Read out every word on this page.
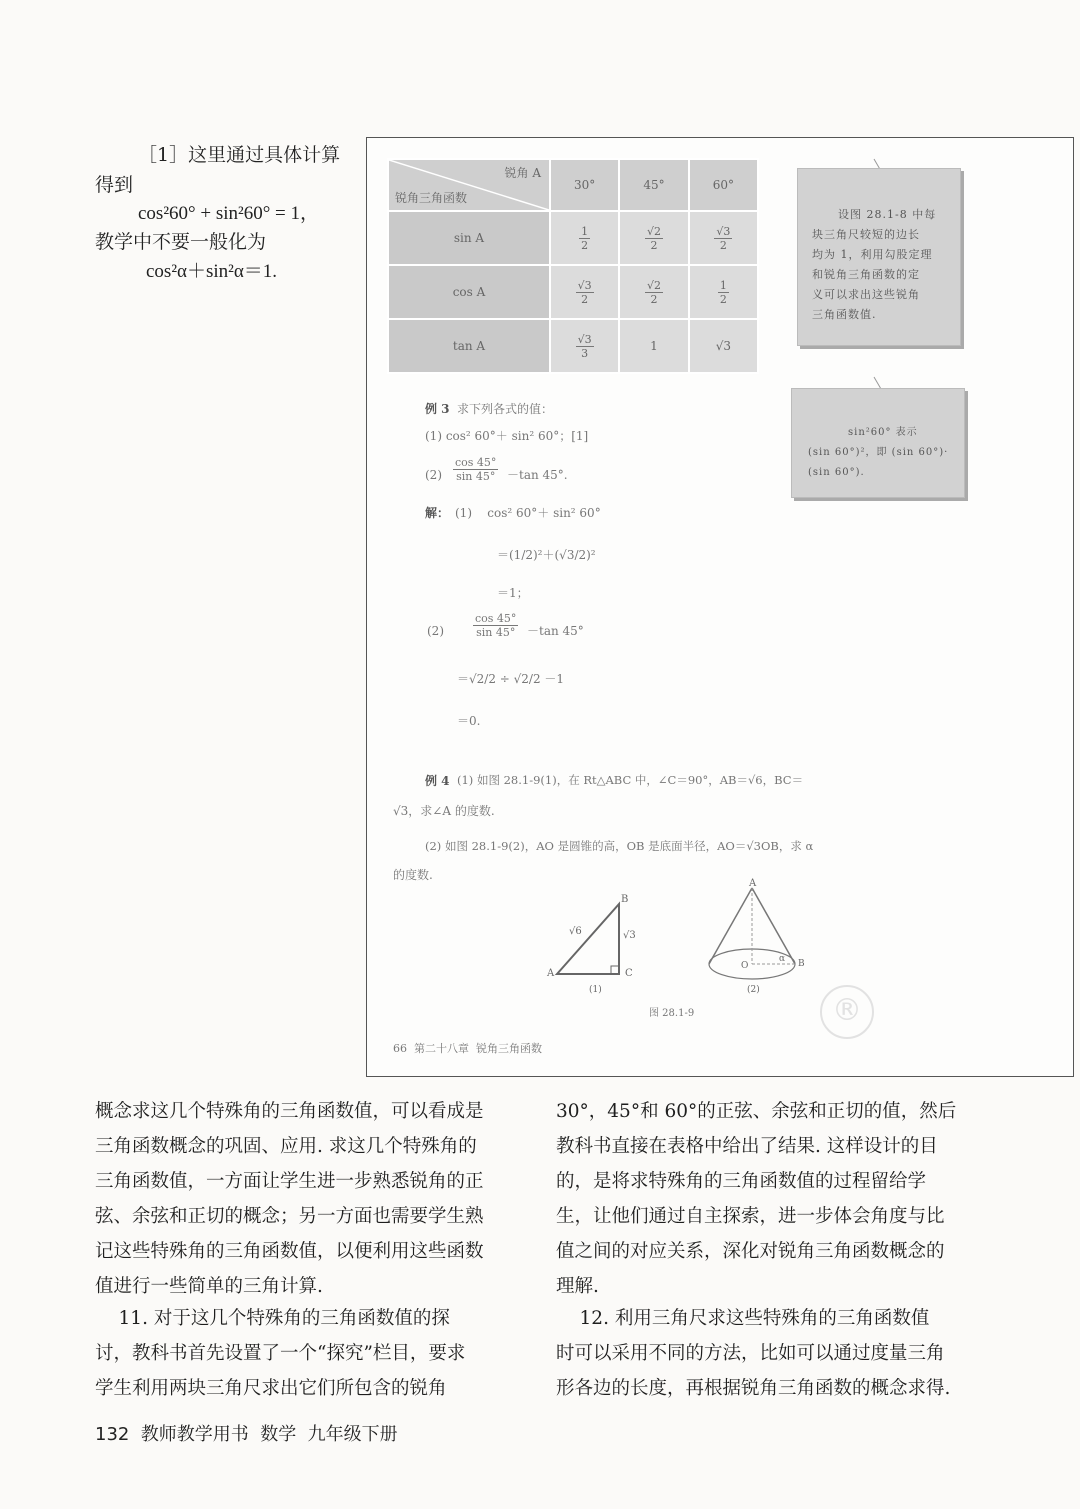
［1］这里通过具体计算
得到
cos²60° + sin²60° = 1，
教学中不要一般化为
cos²α＋sin²α＝1.
锐角 A
锐角三角函数	30°	45°	60°
sin A	$\frac{1}{2}$	$\frac{√2}{2}$	$\frac{√3}{2}$

cos A	$\frac{√3}{2}$	$\frac{√2}{2}$	$\frac{1}{2}$

tan A	$\frac{√3}{3}$	1	√3
设图 28.1-8 中每
块三角尺较短的边长
均为 1，利用勾股定理
和锐角三角函数的定
义可以求出这些锐角
三角函数值.
sin²60° 表示
(sin 60°)²，即 (sin 60°)·
(sin 60°).
例 3 求下列各式的值：
(1) cos² 60°＋ sin² 60°；[1]
$(2) \frac{\cos 45^\circ}{\sin 45^\circ} -\tan$ 45°.
解： (1)    cos² 60°＋ sin² 60°
＝(1/2)²＋(√3/2)²
＝1；
(2)	$\frac{\cos 45^\circ}{\sin 45^\circ} -\tan$ 45°
＝√2/2 ÷ √2/2 －1
＝0.
例 4 (1) 如图 28.1-9(1)，在 Rt△ABC 中，∠C＝90°，AB＝√6，BC＝
√3，求∠A 的度数.
(2) 如图 28.1-9(2)，AO 是圆锥的高，OB 是底面半径，AO＝√3OB，求 α
的度数.
A
B
C
√6	√3
(1)
A
O	B
α
(2)
图 28.1-9
66  第二十八章  锐角三角函数
®
概念求这几个特殊角的三角函数值，可以看成是
三角函数概念的巩固、应用. 求这几个特殊角的
三角函数值，一方面让学生进一步熟悉锐角的正
弦、余弦和正切的概念；另一方面也需要学生熟
记这些特殊角的三角函数值，以便利用这些函数
值进行一些简单的三角计算.
11. 对于这几个特殊角的三角函数值的探
讨，教科书首先设置了一个“探究”栏目，要求
学生利用两块三角尺求出它们所包含的锐角
30°，45°和 60°的正弦、余弦和正切的值，然后
教科书直接在表格中给出了结果. 这样设计的目
的，是将求特殊角的三角函数值的过程留给学
生，让他们通过自主探索，进一步体会角度与比
值之间的对应关系，深化对锐角三角函数概念的
理解.
12. 利用三角尺求这些特殊角的三角函数值
时可以采用不同的方法，比如可以通过度量三角
形各边的长度，再根据锐角三角函数的概念求得.
132  教师教学用书  数学  九年级下册
